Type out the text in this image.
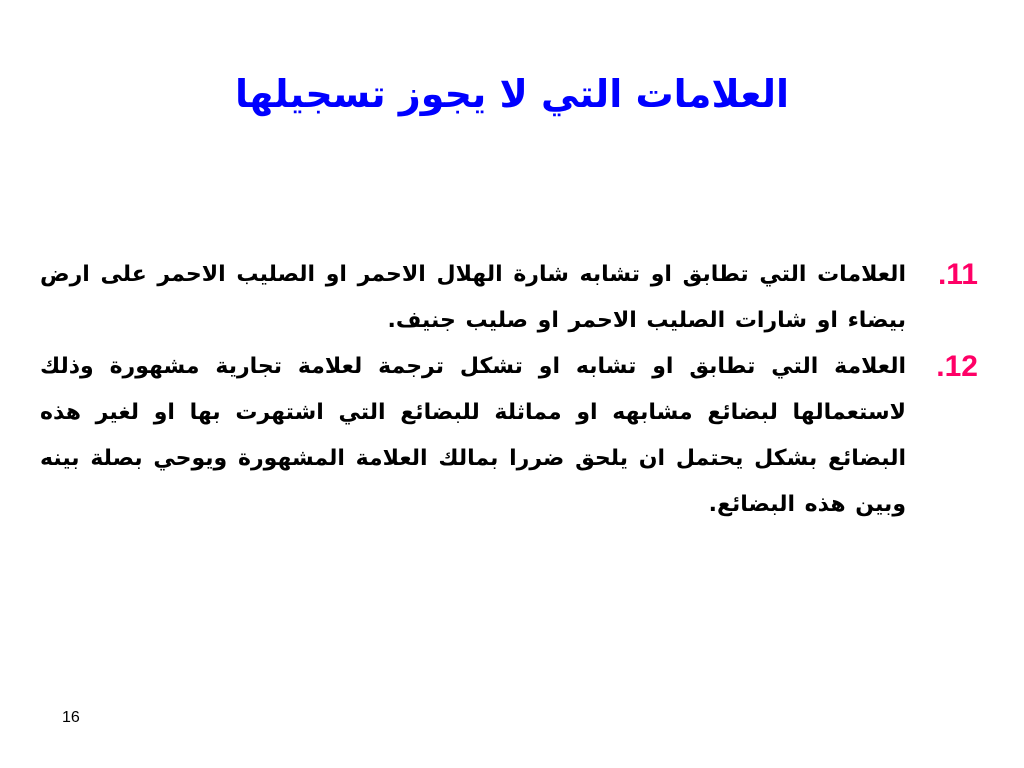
العلامات التي لا يجوز تسجيلها
11.
العلامات التي تطابق او تشابه شارة الهلال الاحمر او الصليب الاحمر على ارض بيضاء او شارات الصليب الاحمر او صليب جنيف.
12.
العلامة التي تطابق او تشابه او تشكل ترجمة لعلامة تجارية مشهورة وذلك لاستعمالها لبضائع مشابهه او مماثلة للبضائع التي اشتهرت بها او لغير هذه البضائع بشكل يحتمل ان يلحق ضررا بمالك العلامة المشهورة ويوحي بصلة بينه وبين هذه البضائع.
16
